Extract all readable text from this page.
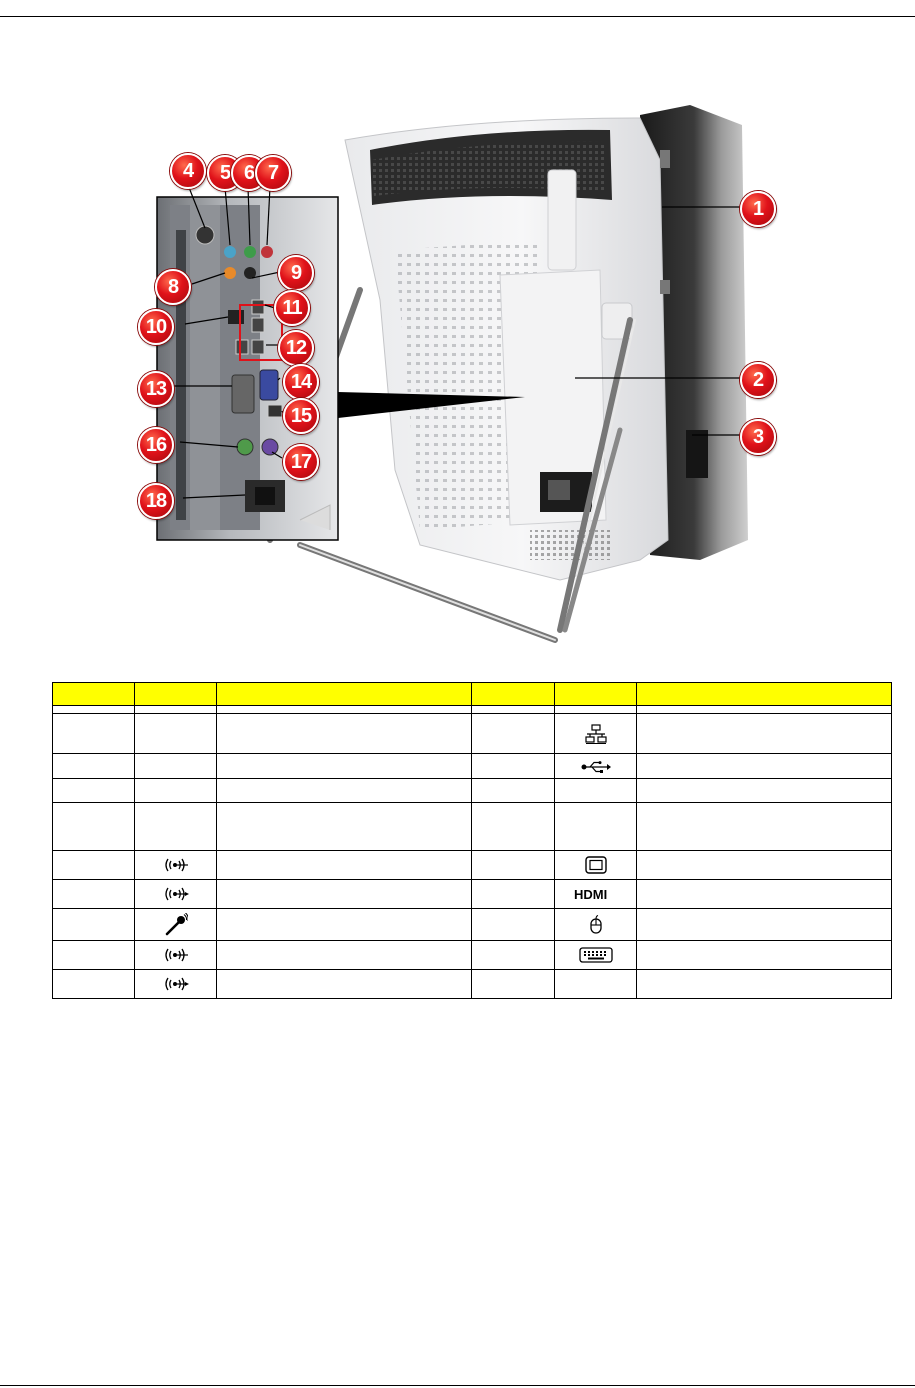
1
2
3
4	5 6 7
8
9
10
11
12
13	14
15
16
17
18

HDMI	
